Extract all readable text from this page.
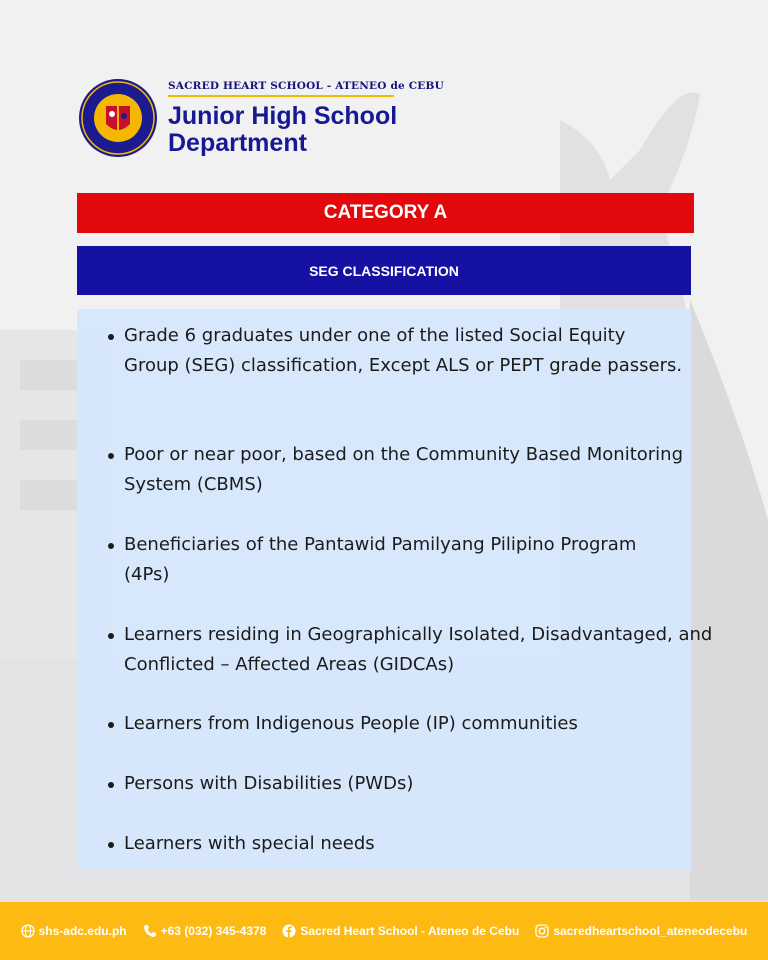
SACRED HEART SCHOOL - ATENEO de CEBU
Junior High School
Department
CATEGORY A
SEG CLASSIFICATION
Grade 6 graduates under one of the listed Social Equity Group (SEG) classification, Except ALS or PEPT grade passers.
Poor or near poor, based on the Community Based Monitoring System (CBMS)
Beneficiaries of the Pantawid Pamilyang Pilipino Program (4Ps)
Learners residing in Geographically Isolated, Disadvantaged, and Conflicted – Affected Areas (GIDCAs)
Learners from Indigenous People (IP) communities
Persons with Disabilities (PWDs)
Learners with special needs
shs-adc.edu.ph	+63 (032) 345-4378	Sacred Heart School - Ateneo de Cebu	sacredheartschool_ateneodecebu
